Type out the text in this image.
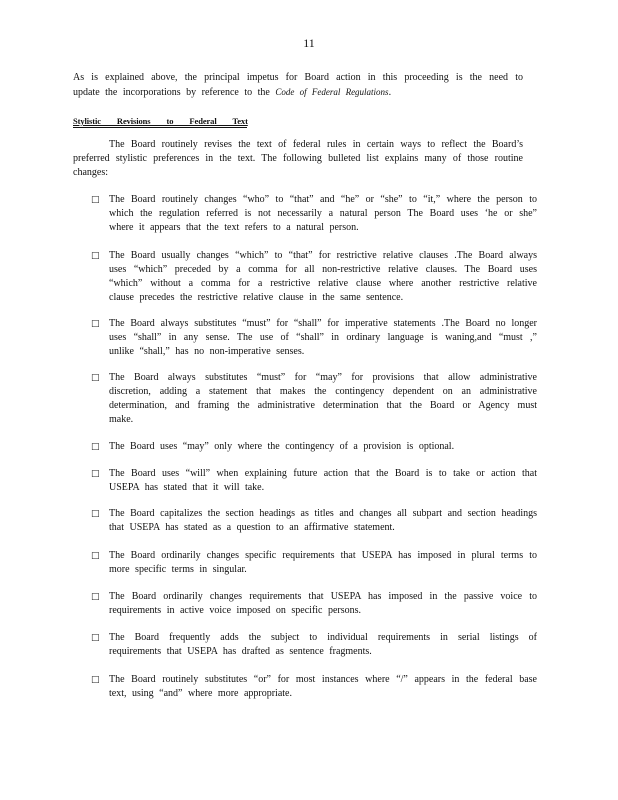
11
As is explained above, the principal impetus for Board action in this proceeding is the need to update the incorporations by reference to the Code of Federal Regulations.
Stylistic Revisions to Federal Text
The Board routinely revises the text of federal rules in certain ways to reflect the Board’s preferred stylistic preferences in the text. The following bulleted list explains many of those routine changes:
□ The Board routinely changes “who” to “that” and “he” or “she” to “it,” where the person to which the regulation referred is not necessarily a natural person The Board uses ‘he or she” where it appears that the text refers to a natural person.
□ The Board usually changes “which” to “that” for restrictive relative clauses .The Board always uses “which” preceded by a comma for all non-restrictive relative clauses. The Board uses “which” without a comma for a restrictive relative clause where another restrictive relative clause precedes the restrictive relative clause in the same sentence.
□ The Board always substitutes “must” for “shall” for imperative statements .The Board no longer uses “shall” in any sense. The use of “shall” in ordinary language is waning,and “must ,” unlike “shall,” has no non-imperative senses.
□ The Board always substitutes “must” for “may” for provisions that allow administrative discretion, adding a statement that makes the contingency dependent on an administrative determination, and framing the administrative determination that the Board or Agency must make.
□ The Board uses “may” only where the contingency of a provision is optional.
□ The Board uses “will” when explaining future action that the Board is to take or action that USEPA has stated that it will take.
□ The Board capitalizes the section headings as titles and changes all subpart and section headings that USEPA has stated as a question to an affirmative statement.
□ The Board ordinarily changes specific requirements that USEPA has imposed in plural terms to more specific terms in singular.
□ The Board ordinarily changes requirements that USEPA has imposed in the passive voice to requirements in active voice imposed on specific persons.
□ The Board frequently adds the subject to individual requirements in serial listings of requirements that USEPA has drafted as sentence fragments.
□ The Board routinely substitutes “or” for most instances where “/” appears in the federal base text, using “and” where more appropriate.
